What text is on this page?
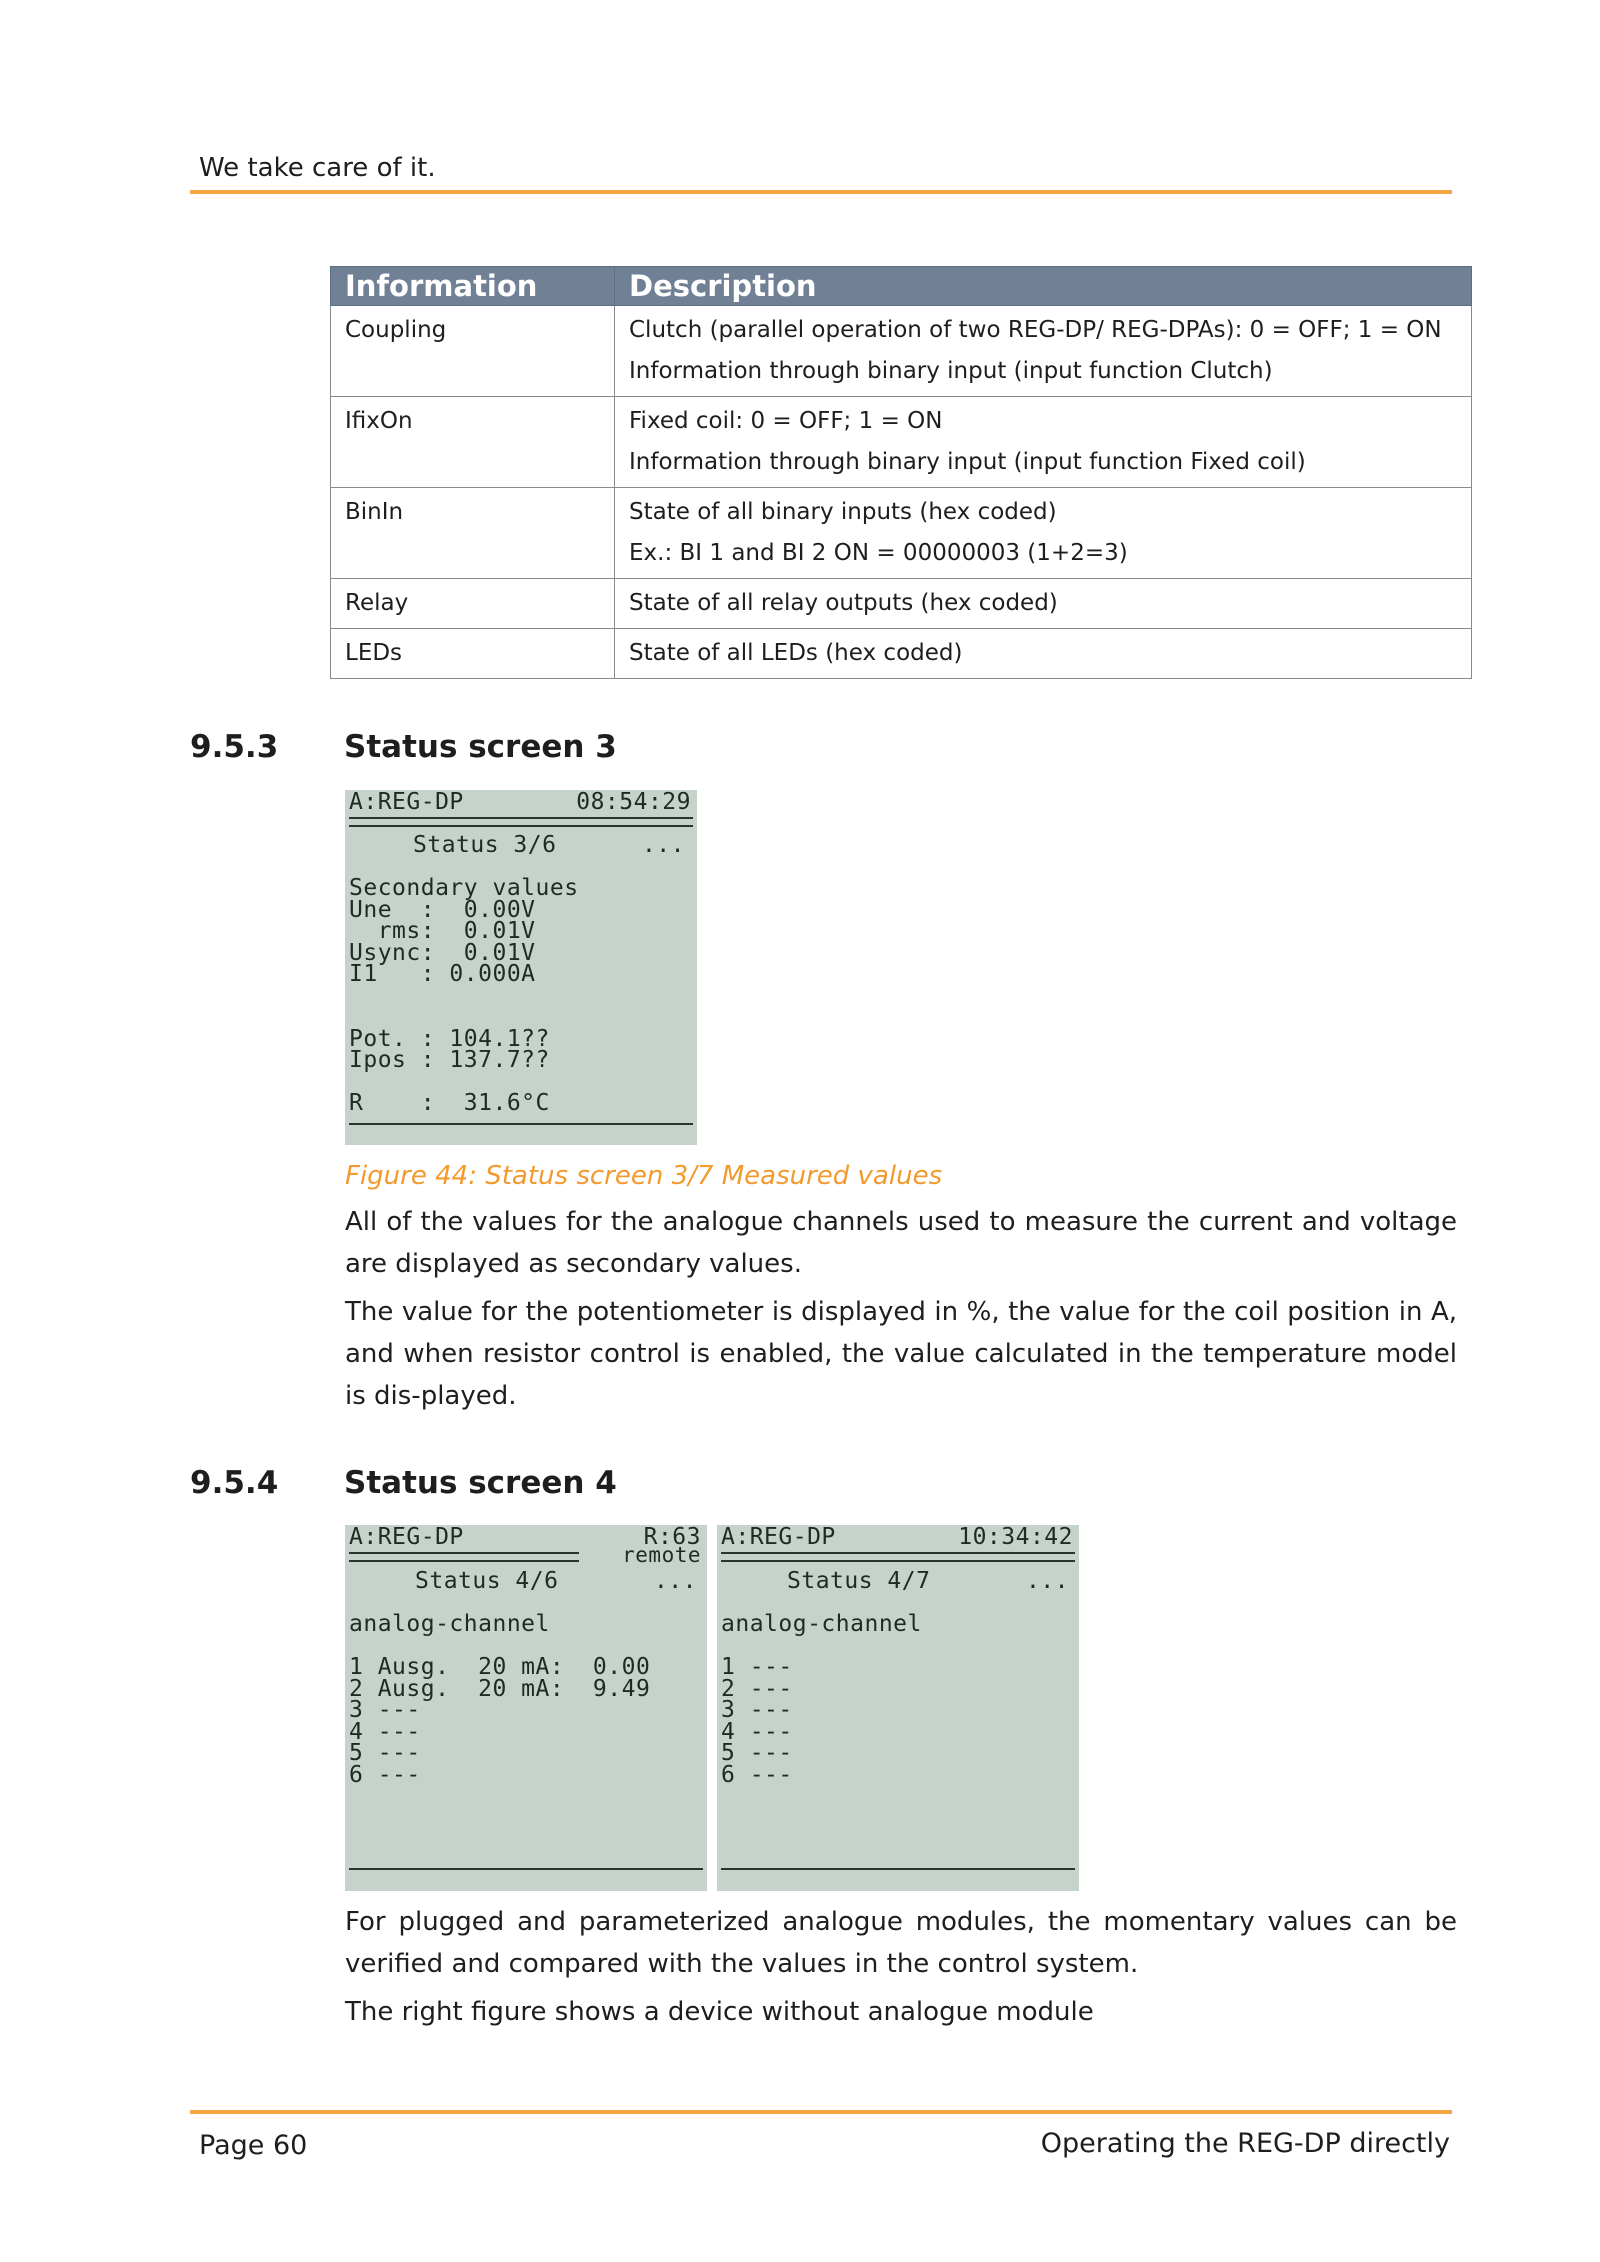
We take care of it.
Information	Description
Coupling	Clutch (parallel operation of two REG-DP/ REG-DPAs): 0 = OFF; 1 = ON
Information through binary input (input function Clutch)

IfixOn	Fixed coil: 0 = OFF; 1 = ON
Information through binary input (input function Fixed coil)

BinIn	State of all binary inputs (hex coded)
Ex.: BI 1 and BI 2 ON = 00000003 (1+2=3)

Relay	State of all relay outputs (hex coded)

LEDs	State of all LEDs (hex coded)
9.5.3 Status screen 3
A:REG-DP	08:54:29
Status 3/6	...
Secondary values
Une  :  0.00V
rms:  0.01V
Usync:  0.01V
I1   : 0.000A

Pot. : 104.1??
Ipos : 137.7??

R    :  31.6°C
Figure 44: Status screen 3/7 Measured values

All of the values for the analogue channels used to measure the current and voltage are displayed as secondary values.

The value for the potentiometer is displayed in %, the value for the coil position in A, and when resistor control is enabled, the value calculated in the temperature model is dis-played.

9.5.4 Status screen 4
A:REG-DP	R:63
remote
Status 4/6	...
analog-channel

1 Ausg.  20 mA:  0.00
2 Ausg.  20 mA:  9.49
3 ---
4 ---
5 ---
6 ---
A:REG-DP	10:34:42
Status 4/7	...
analog-channel

1 ---
2 ---
3 ---
4 ---
5 ---
6 ---

For plugged and parameterized analogue modules, the momentary values can be verified and compared with the values in the control system.

The right figure shows a device without analogue module

Page 60	Operating the REG-DP directly
